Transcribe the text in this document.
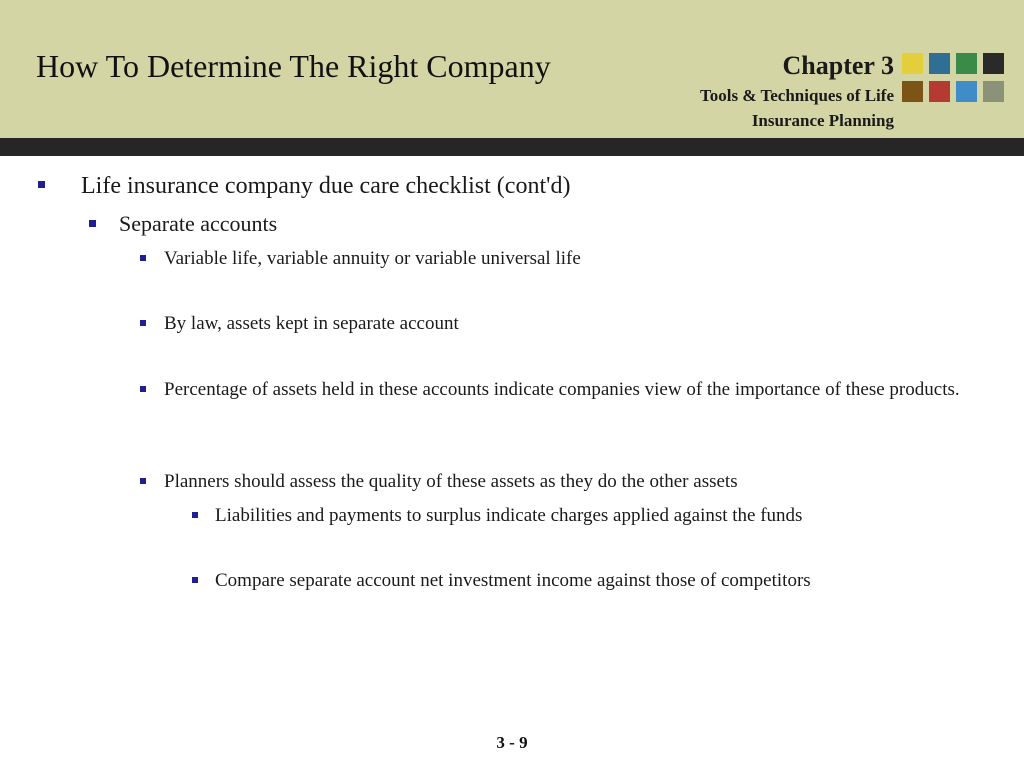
How To Determine The Right Company	Chapter 3
Tools & Techniques of Life
Insurance Planning
Life insurance company due care checklist (cont'd)
Separate accounts
Variable life, variable annuity or variable universal life
By law, assets kept in separate account
Percentage of assets held in these accounts indicate companies view of the importance of these products.
Planners should assess the quality of these assets as they do the other assets
Liabilities and payments to surplus indicate charges applied against the funds
Compare separate account net investment income against those of competitors
3 - 9
